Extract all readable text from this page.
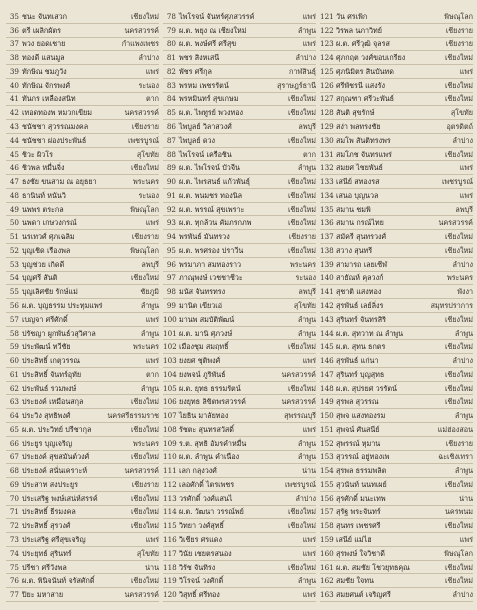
35 ชนะ จันทเสวก	เชียงใหม่
36 ตรี เผลิกผัตร	นครสวรรค์
37 พวง ยอดเชาย	กำแพงเพชร
38 ทองดี แสนมูล	ลำปาง
39 ทักษิณ ชมภูวัง	แพร่
40 ทักษิณ จักรพงศ์	ระนอง
41 ทันกร เหลืองสนิท	ตาก
42 เทอดทองพ หมวกเขียม	นครสวรรค์
43 ชนัชชา สุวรรณมงคล	เชียงราย
44 ชนัชชา ผ่องประพันธ์	เพชรบูรณ์
45 ชิวะ ผิวโร	สุโขทัย
46 ชิวพล หมื่นจิ่ง	เชียงใหม่
47 ธงชัย ขนสาม ณ อยุธยา	พระนคร
48 ธานินท์ หนันวิ	ระนอง
49 นพพร ตระกล	พิษณุโลก
50 นพดา เกษวงกรณ์	แพร่
51 นรเทวศ์ ศุภเฉลิม	เชียงราย
52 บุญเชิด เรืองพล	พิษณุโลก
53 บุญช่วย เกิดดี	ลพบุรี
54 บุญศรี สันติ	เชียงใหม่
55 บุญเลิศชัย รักษ์แม่	ชัยภูมิ
56 ผ.ต. บุญธรรม ประทุมแพร่	ลำพูน
57 เบญจา ศรีศักดิ์	แพร่
58 ปรัชญา ผูกพันธ์วสุวิศาล	ลำพูน
59 ประพัฒน์ ทวีชัย	พระนคร
60 ประสิทธิ์ เกตุวรรณ	แพร่
61 ประสิทธิ์ จันทร์อุทัย	ตาก
62 ประพันธ์ รวมพงษ์	ลำพูน
63 ประยงค์ เหมือนสกุล	เชียงใหม่
64 ประวิง สุทธิพงศ์	นครศรีธรรมราช
65 ผ.ต. ประวิทย์ ปรีชากุล	เชียงใหม่
66 ประยูร บุญเจริญ	พระนคร
67 ประยงค์ สุขสมันต์วงศ์	เชียงใหม่
68 ประยงค์ สนั่นเคราะห์	นครสวรรค์
69 ประสาท สงประยูร	เชียงราย
70 ประเสริฐ พงษ์เสน่ห์สรรค์	เชียงใหม่
71 ประสิทธิ์ ธีรมงคล	เชียงใหม่
72 ประสิทธิ์ สุรวงศ์	เชียงใหม่
73 ประเสริฐ ศรีสุขเจริญ	แพร่
74 ประยุทธ์ สุรินทร์	สุโขทัย
75 ปรีชา ศรีวังพล	น่าน
76 ผ.ต. พินิจนันท์ จรัสศักดิ์	เชียงใหม่
77 ปิยะ มหาสาย	นครสวรรค์
78 ไพโรจน์ จันทร์ศุภสวรรค์	แพร่
79 ผ.ต. พยุง ณ เชียงใหม่	ลำพูน
80 ผ.ต. พงษ์ศรี ศรีสุข	แพร่
81 พชร สิงหเสนี	ลำปาง
82 พัชร ศรีกุล	กาฬสินธุ์
83 พรหม เพชรรัตน์	สุราษฎร์ธานี
84 พรหมินทร์ สุขเกษม	เชียงใหม่
85 ผ.ต. ไพทูรย์ พวงทอง	เชียงใหม่
86 ไพบูลย์ วิลาสวงศ์	ลพบุรี
87 ไพบูลย์ ดวง	เชียงใหม่
88 ไพโรจน์ เครือชิน	ตาก
89 ผ.ต. ไพโรจน์ บัวจีน	ลำพูน
90 ผ.ต. ไพรสนธ์ แก้วพันธุ์	เชียงใหม่
91 ผ.ต. พนมชร ทองนิล	เชียงใหม่
92 ผ.ต. พรรณ์ สุขเพราะ	เชียงใหม่
93 ผ.ต. ทุกล้วน คัมภรกภพ	เชียงใหม่
94 พรพันธ์ มันทรวง	เชียงราย
95 ผ.ต. พรศรอง ปราวีน	เชียงใหม่
96 พรมาภา สมทองราว	พระนคร
97 ภาณุพงษ์ เวชชาชีวะ	ระนอง
98 มนัส จันทรทรง	ลพบุรี
99 มานิต เขียวเอ่	สุโขทัย
100 มานพ สมบัติพัฒน์	ลำพูน
101 ผ.ต. มานิ ศุภวงษ์	ลำพูน
102 เมืองชุม สมฤทธิ์	เชียงใหม่
103 ยงยศ ชุติพงศ์	แพร่
104 ยงพจน์ ภูริพันธ์	นครสวรรค์
105 ผ.ต. ยุทธ ธรรมรัตน์	เชียงใหม่
106 ยงยุทธ ลิขิตพรสวรรค์	นครสวรรค์
107 ไยธิน มาลัยทอง	สุพรรณบุรี
108 รัชตะ สุนทรสวัสดิ์	แพร่
109 ร.ต. สุทธิ อัมรคำหมื่น	ลำพูน
110 ผ.ต. ลำพูน คำเนือง	ลำพูน
111 เลก กลุงวงศ์	น่าน
112 เลอศักดิ์ ไตรเพชร	เพชรบูรณ์
113 วรศักดิ์ วงศ์แสนไ	ลำปาง
114 ผ.ต. วัฒนา วรรณ์พย์	เชียงใหม่
115 วิทยา วงศ์สุทธิ์	เชียงใหม่
116 วิเชียร ศรแดง	แพร่
117 วินัย เชยตรสนอง	แพร่
118 วิรัช จันทิรง	เชียงใหม่
119 วิโรจน์ วงศักดิ์	ลำพูน
120 วิสุทธิ์ ศรีทอง	แพร่
121 วัน ศรเพิก	พิษณุโลก
122 วิรพล นภาวิทย์	เชียงราย
123 ผ.ต. ศรีวุฒิ จุลรส	เชียงราย
124 ศุภกฤต วงศ์ขอบเกรียง	เชียงใหม่
125 ศุภนิมิตร สินบันทด	แพร่
126 ศรีพัชรนี แสงรัง	เชียงใหม่
127 สกุณฑา ศรีวะพันธ์	เชียงใหม่
128 สันติ สุขรักษ์	สุโขทัย
129 สง่า พลทรงชัย	อุตรดิตถ์
130 สมโพ สันติทรงพร	ลำปาง
131 สมโภช จันทรแพร่	เชียงใหม่
132 สมยศ ไชยพันธ์	แพร่
133 เสนีย์ สทองรส	เพชรบูรณ์
134 เสนอ บุญนวล	แพร่
135 สมาน ชมพิ	ลพบุรี
136 สมาน กรณ์ไทย	นครสวรรค์
137 สมัครี สุนทรวงศ์	เชียงใหม่
138 สวาง สุนทรี	เชียงใหม่
139 สามารถ เลยเซีฬ	ลำปาง
140 สายัณห์ คุลวงก์	พระนคร
141 สุชาติ แสงทอง	พังงา
142 สุรพันธ์ เลย์ลิ่งร	สมุทรปราการ
143 สุรินทร์ จันทรสิริ	เชียงใหม่
144 ผ.ต. สุทวาท ณ ลำพูน	ลำพูน
145 ผ.ต. สุทน ธกตร	เชียงใหม่
146 สุรพันธ์ แก่นา	ลำปาง
147 สุรินทร์ บุญสุทธ	เชียงใหม่
148 ผ.ต. สุปรยศ วรรัตน์	เชียงใหม่
149 สุรพล สุวรรณ	เชียงใหม่
150 สุพจ แสงทองรม	ลำพูน
151 สุพจน์ ศันสนีย์	แม่ฮ่องสอน
152 สุพรรณ์ หุมาน	เชียงราย
153 สุวรรณ์ อยู่ทองเพ	ฉะเชิงเทรา
154 สุรพล ธรรมพลิต	ลำพูน
155 สุวนันท์ นนทเผย์	เชียงใหม่
156 สุรศักดิ์ มนะเทพ	น่าน
157 สุรัฐ พระจันทร์	นครพนม
158 สุนทร เพชรศรี	เชียงใหม่
159 เสนีย์ แม่ไฮ	แพร่
160 สุรพงษ์ ใจวิชาดี	พิษณุโลก
161 ผ.ต. สมชัย โชวยุทธคุณ	เชียงใหม่
162 สมชัย ใจทน	เชียงใหม่
163 สมยศนต์ เจริญศรี	ลำปาง
